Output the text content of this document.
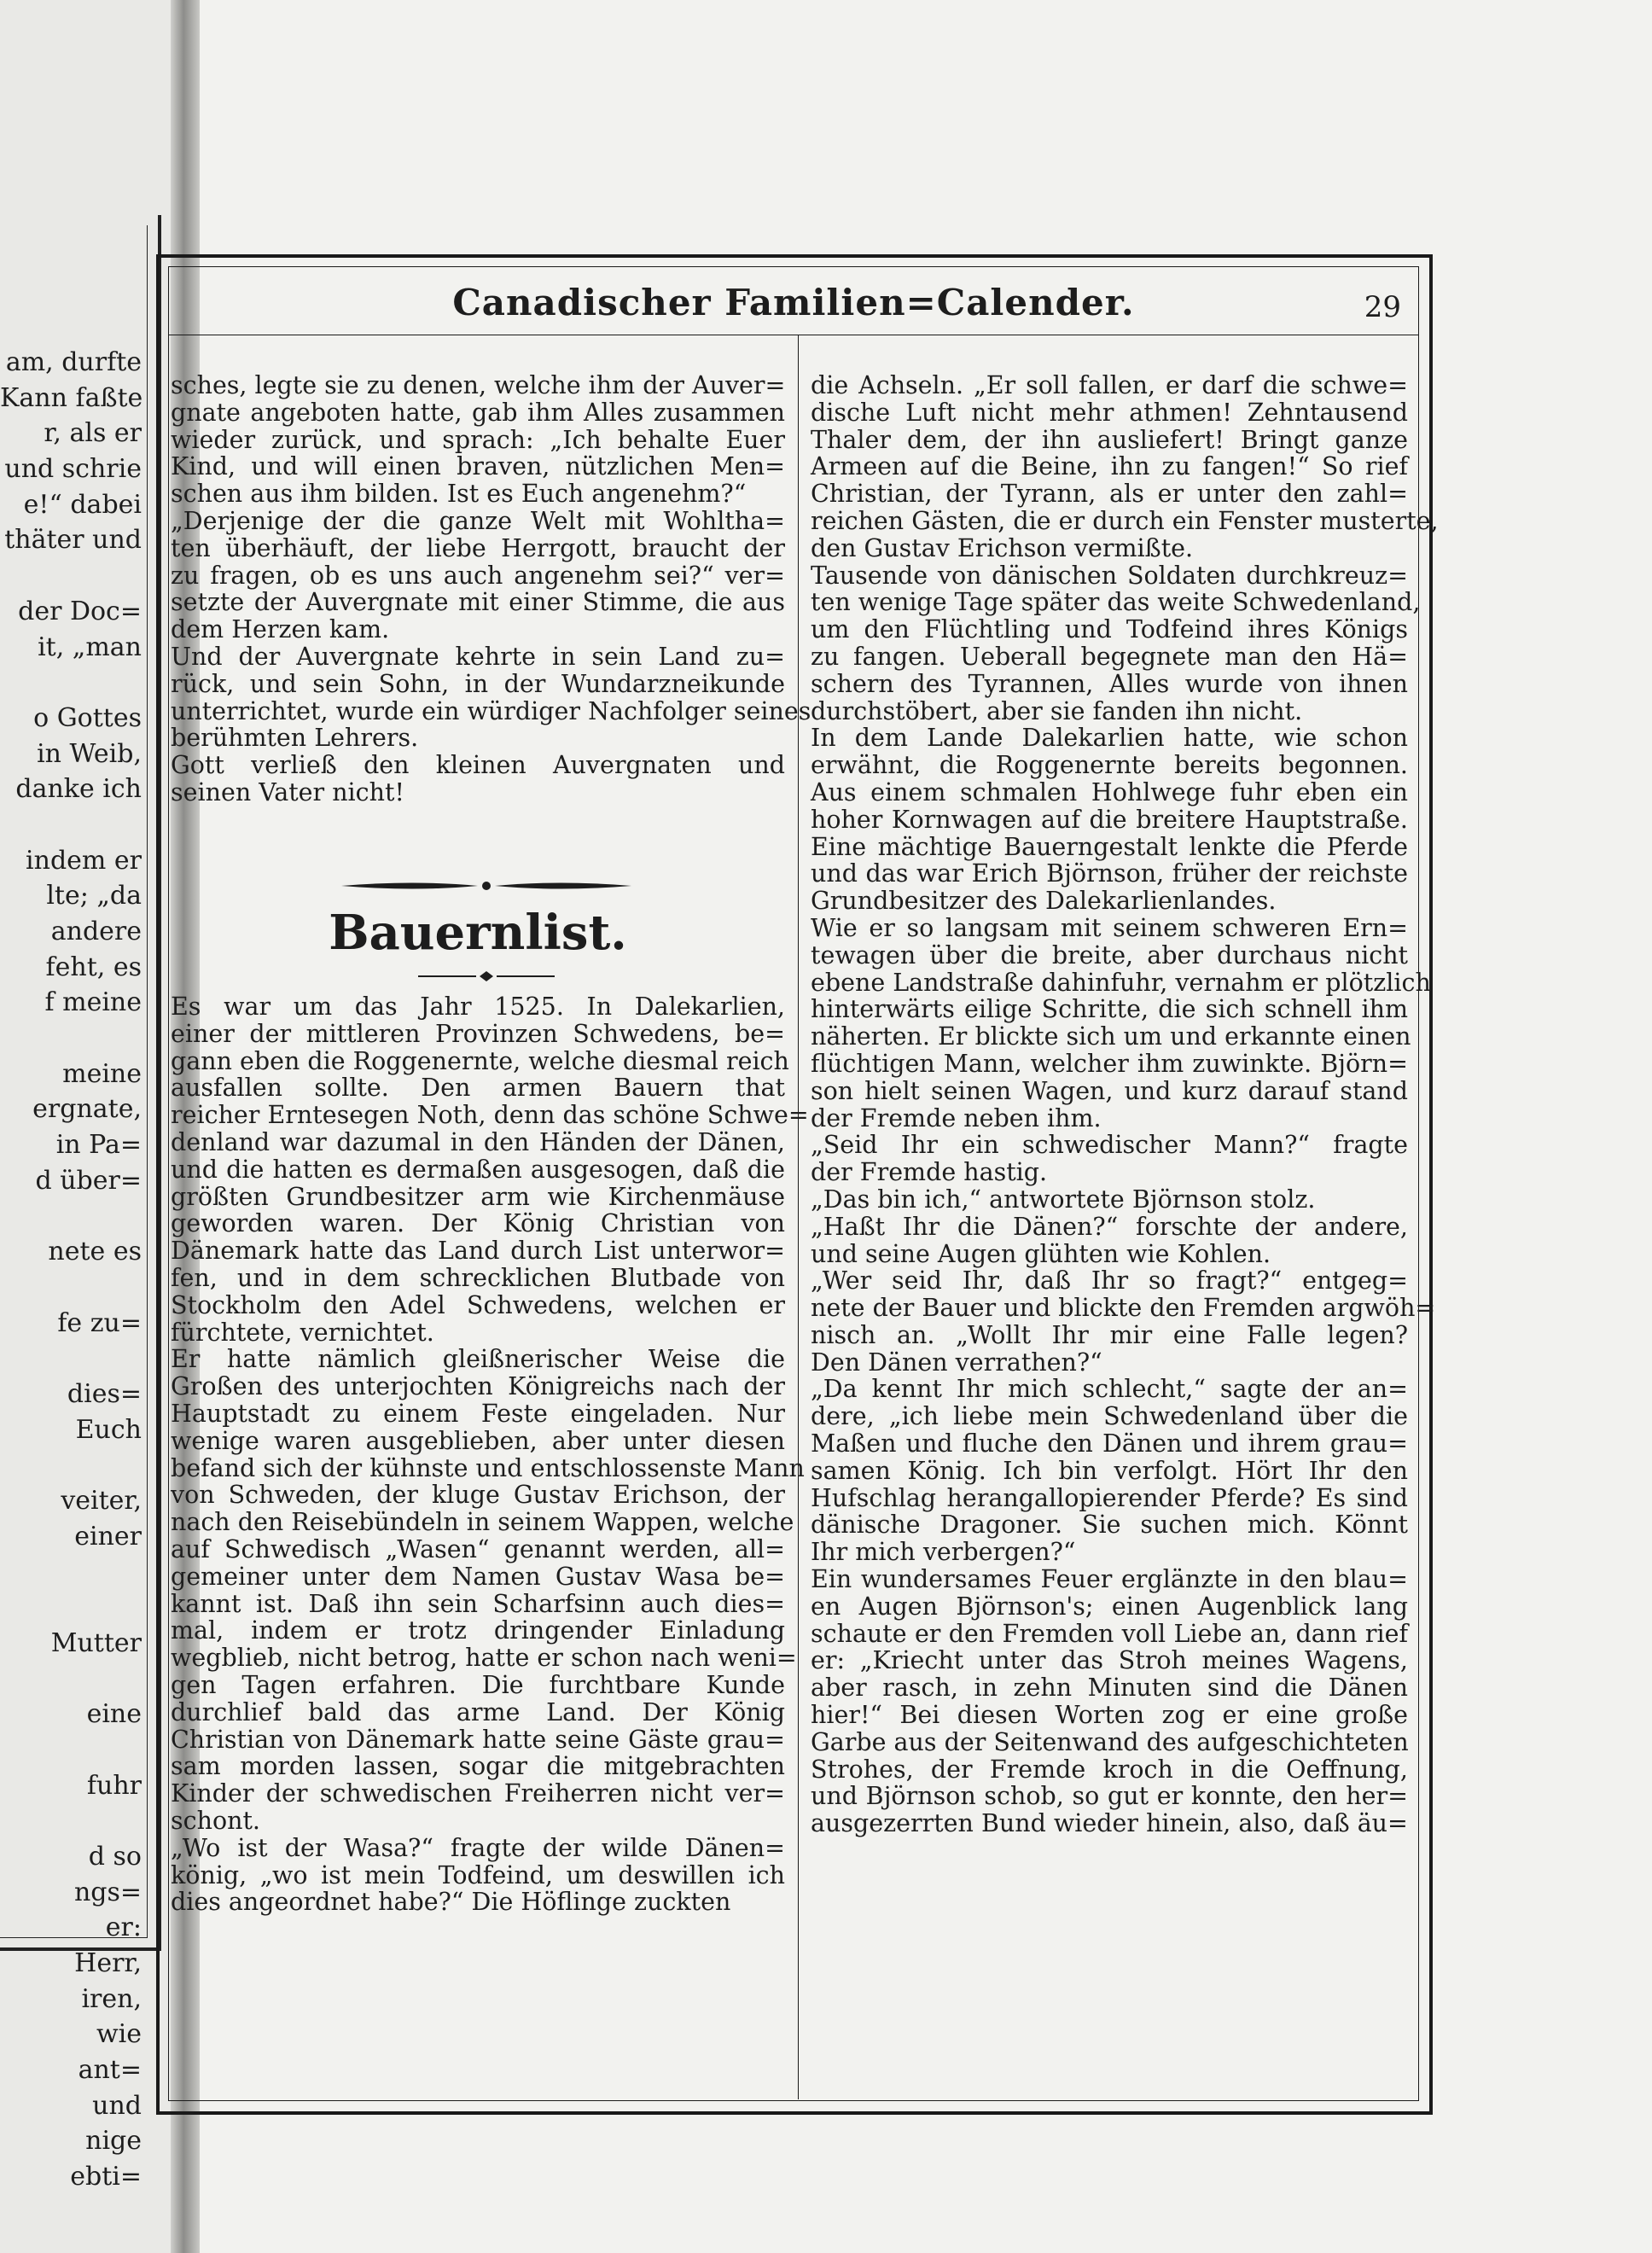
am, durfte
Kann faßte
r, als er
und schrie
e!“ dabei
thäter und
der Doc=
it, „man
o Gottes
in Weib,
danke ich
indem er
lte; „da
andere
feht, es
f meine
meine
ergnate,
in Pa=
d über=
nete es
fe zu=
dies=
Euch
veiter,
einer
Mutter
eine
fuhr
d so
ngs=
er:
Herr,
iren,
wie
ant=
und
nige
ebti=
Canadischer Familien=Calender.	29
sches, legte sie zu denen, welche ihm der Auver=
gnate angeboten hatte, gab ihm Alles zusammen
wieder zurück, und sprach: „Ich behalte Euer
Kind, und will einen braven, nützlichen Men=
schen aus ihm bilden. Ist es Euch angenehm?“
„Derjenige der die ganze Welt mit Wohltha=
ten überhäuft, der liebe Herrgott, braucht der
zu fragen, ob es uns auch angenehm sei?“ ver=
setzte der Auvergnate mit einer Stimme, die aus
dem Herzen kam.
Und der Auvergnate kehrte in sein Land zu=
rück, und sein Sohn, in der Wundarzneikunde
unterrichtet, wurde ein würdiger Nachfolger seines
berühmten Lehrers.
Gott verließ den kleinen Auvergnaten und
seinen Vater nicht!
Bauernlist.
Es war um das Jahr 1525. In Dalekarlien,
einer der mittleren Provinzen Schwedens, be=
gann eben die Roggenernte, welche diesmal reich
ausfallen sollte. Den armen Bauern that
reicher Erntesegen Noth, denn das schöne Schwe=
denland war dazumal in den Händen der Dänen,
und die hatten es dermaßen ausgesogen, daß die
größten Grundbesitzer arm wie Kirchenmäuse
geworden waren. Der König Christian von
Dänemark hatte das Land durch List unterwor=
fen, und in dem schrecklichen Blutbade von
Stockholm den Adel Schwedens, welchen er
fürchtete, vernichtet.
Er hatte nämlich gleißnerischer Weise die
Großen des unterjochten Königreichs nach der
Hauptstadt zu einem Feste eingeladen. Nur
wenige waren ausgeblieben, aber unter diesen
befand sich der kühnste und entschlossenste Mann
von Schweden, der kluge Gustav Erichson, der
nach den Reisebündeln in seinem Wappen, welche
auf Schwedisch „Wasen“ genannt werden, all=
gemeiner unter dem Namen Gustav Wasa be=
kannt ist. Daß ihn sein Scharfsinn auch dies=
mal, indem er trotz dringender Einladung
wegblieb, nicht betrog, hatte er schon nach weni=
gen Tagen erfahren. Die furchtbare Kunde
durchlief bald das arme Land. Der König
Christian von Dänemark hatte seine Gäste grau=
sam morden lassen, sogar die mitgebrachten
Kinder der schwedischen Freiherren nicht ver=
schont.
„Wo ist der Wasa?“ fragte der wilde Dänen=
könig, „wo ist mein Todfeind, um deswillen ich
dies angeordnet habe?“ Die Höflinge zuckten
die Achseln. „Er soll fallen, er darf die schwe=
dische Luft nicht mehr athmen! Zehntausend
Thaler dem, der ihn ausliefert! Bringt ganze
Armeen auf die Beine, ihn zu fangen!“ So rief
Christian, der Tyrann, als er unter den zahl=
reichen Gästen, die er durch ein Fenster musterte,
den Gustav Erichson vermißte.
Tausende von dänischen Soldaten durchkreuz=
ten wenige Tage später das weite Schwedenland,
um den Flüchtling und Todfeind ihres Königs
zu fangen. Ueberall begegnete man den Hä=
schern des Tyrannen, Alles wurde von ihnen
durchstöbert, aber sie fanden ihn nicht.
In dem Lande Dalekarlien hatte, wie schon
erwähnt, die Roggenernte bereits begonnen.
Aus einem schmalen Hohlwege fuhr eben ein
hoher Kornwagen auf die breitere Hauptstraße.
Eine mächtige Bauerngestalt lenkte die Pferde
und das war Erich Björnson, früher der reichste
Grundbesitzer des Dalekarlienlandes.
Wie er so langsam mit seinem schweren Ern=
tewagen über die breite, aber durchaus nicht
ebene Landstraße dahinfuhr, vernahm er plötzlich
hinterwärts eilige Schritte, die sich schnell ihm
näherten. Er blickte sich um und erkannte einen
flüchtigen Mann, welcher ihm zuwinkte. Björn=
son hielt seinen Wagen, und kurz darauf stand
der Fremde neben ihm.
„Seid Ihr ein schwedischer Mann?“ fragte
der Fremde hastig.
„Das bin ich,“ antwortete Björnson stolz.
„Haßt Ihr die Dänen?“ forschte der andere,
und seine Augen glühten wie Kohlen.
„Wer seid Ihr, daß Ihr so fragt?“ entgeg=
nete der Bauer und blickte den Fremden argwöh=
nisch an. „Wollt Ihr mir eine Falle legen?
Den Dänen verrathen?“
„Da kennt Ihr mich schlecht,“ sagte der an=
dere, „ich liebe mein Schwedenland über die
Maßen und fluche den Dänen und ihrem grau=
samen König. Ich bin verfolgt. Hört Ihr den
Hufschlag herangallopierender Pferde? Es sind
dänische Dragoner. Sie suchen mich. Könnt
Ihr mich verbergen?“
Ein wundersames Feuer erglänzte in den blau=
en Augen Björnson's; einen Augenblick lang
schaute er den Fremden voll Liebe an, dann rief
er: „Kriecht unter das Stroh meines Wagens,
aber rasch, in zehn Minuten sind die Dänen
hier!“ Bei diesen Worten zog er eine große
Garbe aus der Seitenwand des aufgeschichteten
Strohes, der Fremde kroch in die Oeffnung,
und Björnson schob, so gut er konnte, den her=
ausgezerrten Bund wieder hinein, also, daß äu=
